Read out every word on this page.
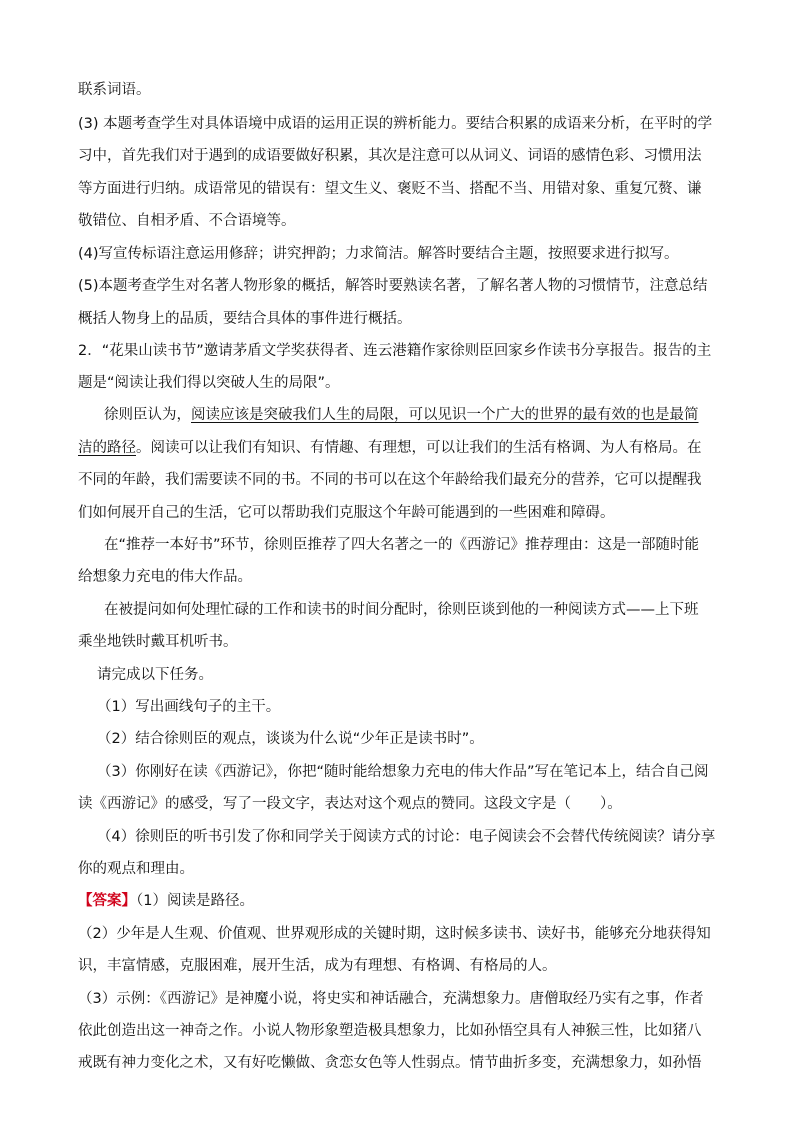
联系词语。
(3) 本题考查学生对具体语境中成语的运用正误的辨析能力。要结合积累的成语来分析，在平时的学
习中，首先我们对于遇到的成语要做好积累，其次是注意可以从词义、词语的感情色彩、习惯用法
等方面进行归纳。成语常见的错误有：望文生义、褒贬不当、搭配不当、用错对象、重复冗赘、谦
敬错位、自相矛盾、不合语境等。
(4)写宣传标语注意运用修辞；讲究押韵；力求简洁。解答时要结合主题，按照要求进行拟写。
(5)本题考查学生对名著人物形象的概括，解答时要熟读名著，了解名著人物的习惯情节，注意总结
概括人物身上的品质，要结合具体的事件进行概括。
2．“花果山读书节”邀请茅盾文学奖获得者、连云港籍作家徐则臣回家乡作读书分享报告。报告的主
题是“阅读让我们得以突破人生的局限”。
徐则臣认为，阅读应该是突破我们人生的局限，可以见识一个广大的世界的最有效的也是最简
洁的路径。阅读可以让我们有知识、有情趣、有理想，可以让我们的生活有格调、为人有格局。在
不同的年龄，我们需要读不同的书。不同的书可以在这个年龄给我们最充分的营养，它可以提醒我
们如何展开自己的生活，它可以帮助我们克服这个年龄可能遇到的一些困难和障碍。
在“推荐一本好书”环节，徐则臣推荐了四大名著之一的《西游记》推荐理由：这是一部随时能
给想象力充电的伟大作品。
在被提问如何处理忙碌的工作和读书的时间分配时，徐则臣谈到他的一种阅读方式——上下班
乘坐地铁时戴耳机听书。
请完成以下任务。
（1）写出画线句子的主干。
（2）结合徐则臣的观点，谈谈为什么说“少年正是读书时”。
（3）你刚好在读《西游记》，你把“随时能给想象力充电的伟大作品”写在笔记本上，结合自己阅
读《西游记》的感受，写了一段文字，表达对这个观点的赞同。这段文字是（　　）。
（4）徐则臣的听书引发了你和同学关于阅读方式的讨论：电子阅读会不会替代传统阅读？请分享
你的观点和理由。
【答案】（1）阅读是路径。
（2）少年是人生观、价值观、世界观形成的关键时期，这时候多读书、读好书，能够充分地获得知
识，丰富情感，克服困难，展开生活，成为有理想、有格调、有格局的人。
（3）示例：《西游记》是神魔小说，将史实和神话融合，充满想象力。唐僧取经乃实有之事，作者
依此创造出这一神奇之作。小说人物形象塑造极具想象力，比如孙悟空具有人神猴三性，比如猪八
戒既有神力变化之术，又有好吃懒做、贪恋女色等人性弱点。情节曲折多变，充满想象力，如孙悟
